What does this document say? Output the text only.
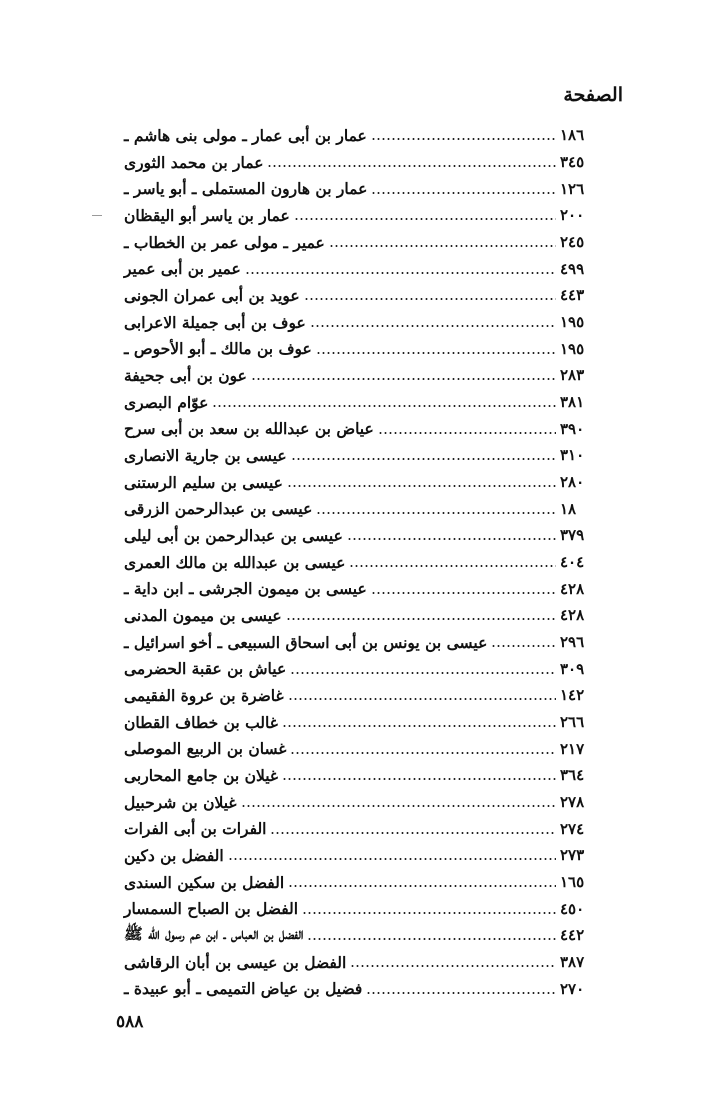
الصفحة
عمار بن أبى عمار ـ مولى بنى هاشم ـ	١٨٦
عمار بن محمد الثورى	٣٤٥
عمار بن هارون المستملى ـ أبو ياسر ـ	١٢٦
عمار بن ياسر أبو اليقظان	٢٠٠
عمير ـ مولى عمر بن الخطاب ـ	٢٤٥
عمير بن أبى عمير	٤٩٩
عويد بن أبى عمران الجونى	٤٤٣
عوف بن أبى جميلة الاعرابى	١٩٥
عوف بن مالك ـ أبو الأحوص ـ	١٩٥
عون بن أبى جحيفة	٢٨٣
عوّام البصرى	٣٨١
عياض بن عبدالله بن سعد بن أبى سرح	٣٩٠
عيسى بن جارية الانصارى	٣١٠
عيسى بن سليم الرستنى	٢٨٠
عيسى بن عبدالرحمن الزرقى	١٨
عيسى بن عبدالرحمن بن أبى ليلى	٣٧٩
عيسى بن عبدالله بن مالك العمرى	٤٠٤
عيسى بن ميمون الجرشى ـ ابن داية ـ	٤٢٨
عيسى بن ميمون المدنى	٤٢٨
عيسى بن يونس بن أبى اسحاق السبيعى ـ أخو اسرائيل ـ	٢٩٦
عياش بن عقبة الحضرمى	٣٠٩
غاضرة بن عروة الفقيمى	١٤٢
غالب بن خطاف القطان	٢٦٦
غسان بن الربيع الموصلى	٢١٧
غيلان بن جامع المحاربى	٣٦٤
غيلان بن شرحبيل	٢٧٨
الفرات بن أبى الفرات	٢٧٤
الفضل بن دكين	٢٧٣
الفضل بن سكين السندى	١٦٥
الفضل بن الصباح السمسار	٤٥٠
الفضل بن العباس ـ ابن عم رسول الله ﷺ	٤٤٢
الفضل بن عيسى بن أبان الرقاشى	٣٨٧
فضيل بن عياض التميمى ـ أبو عبيدة ـ	٢٧٠
٥٨٨
